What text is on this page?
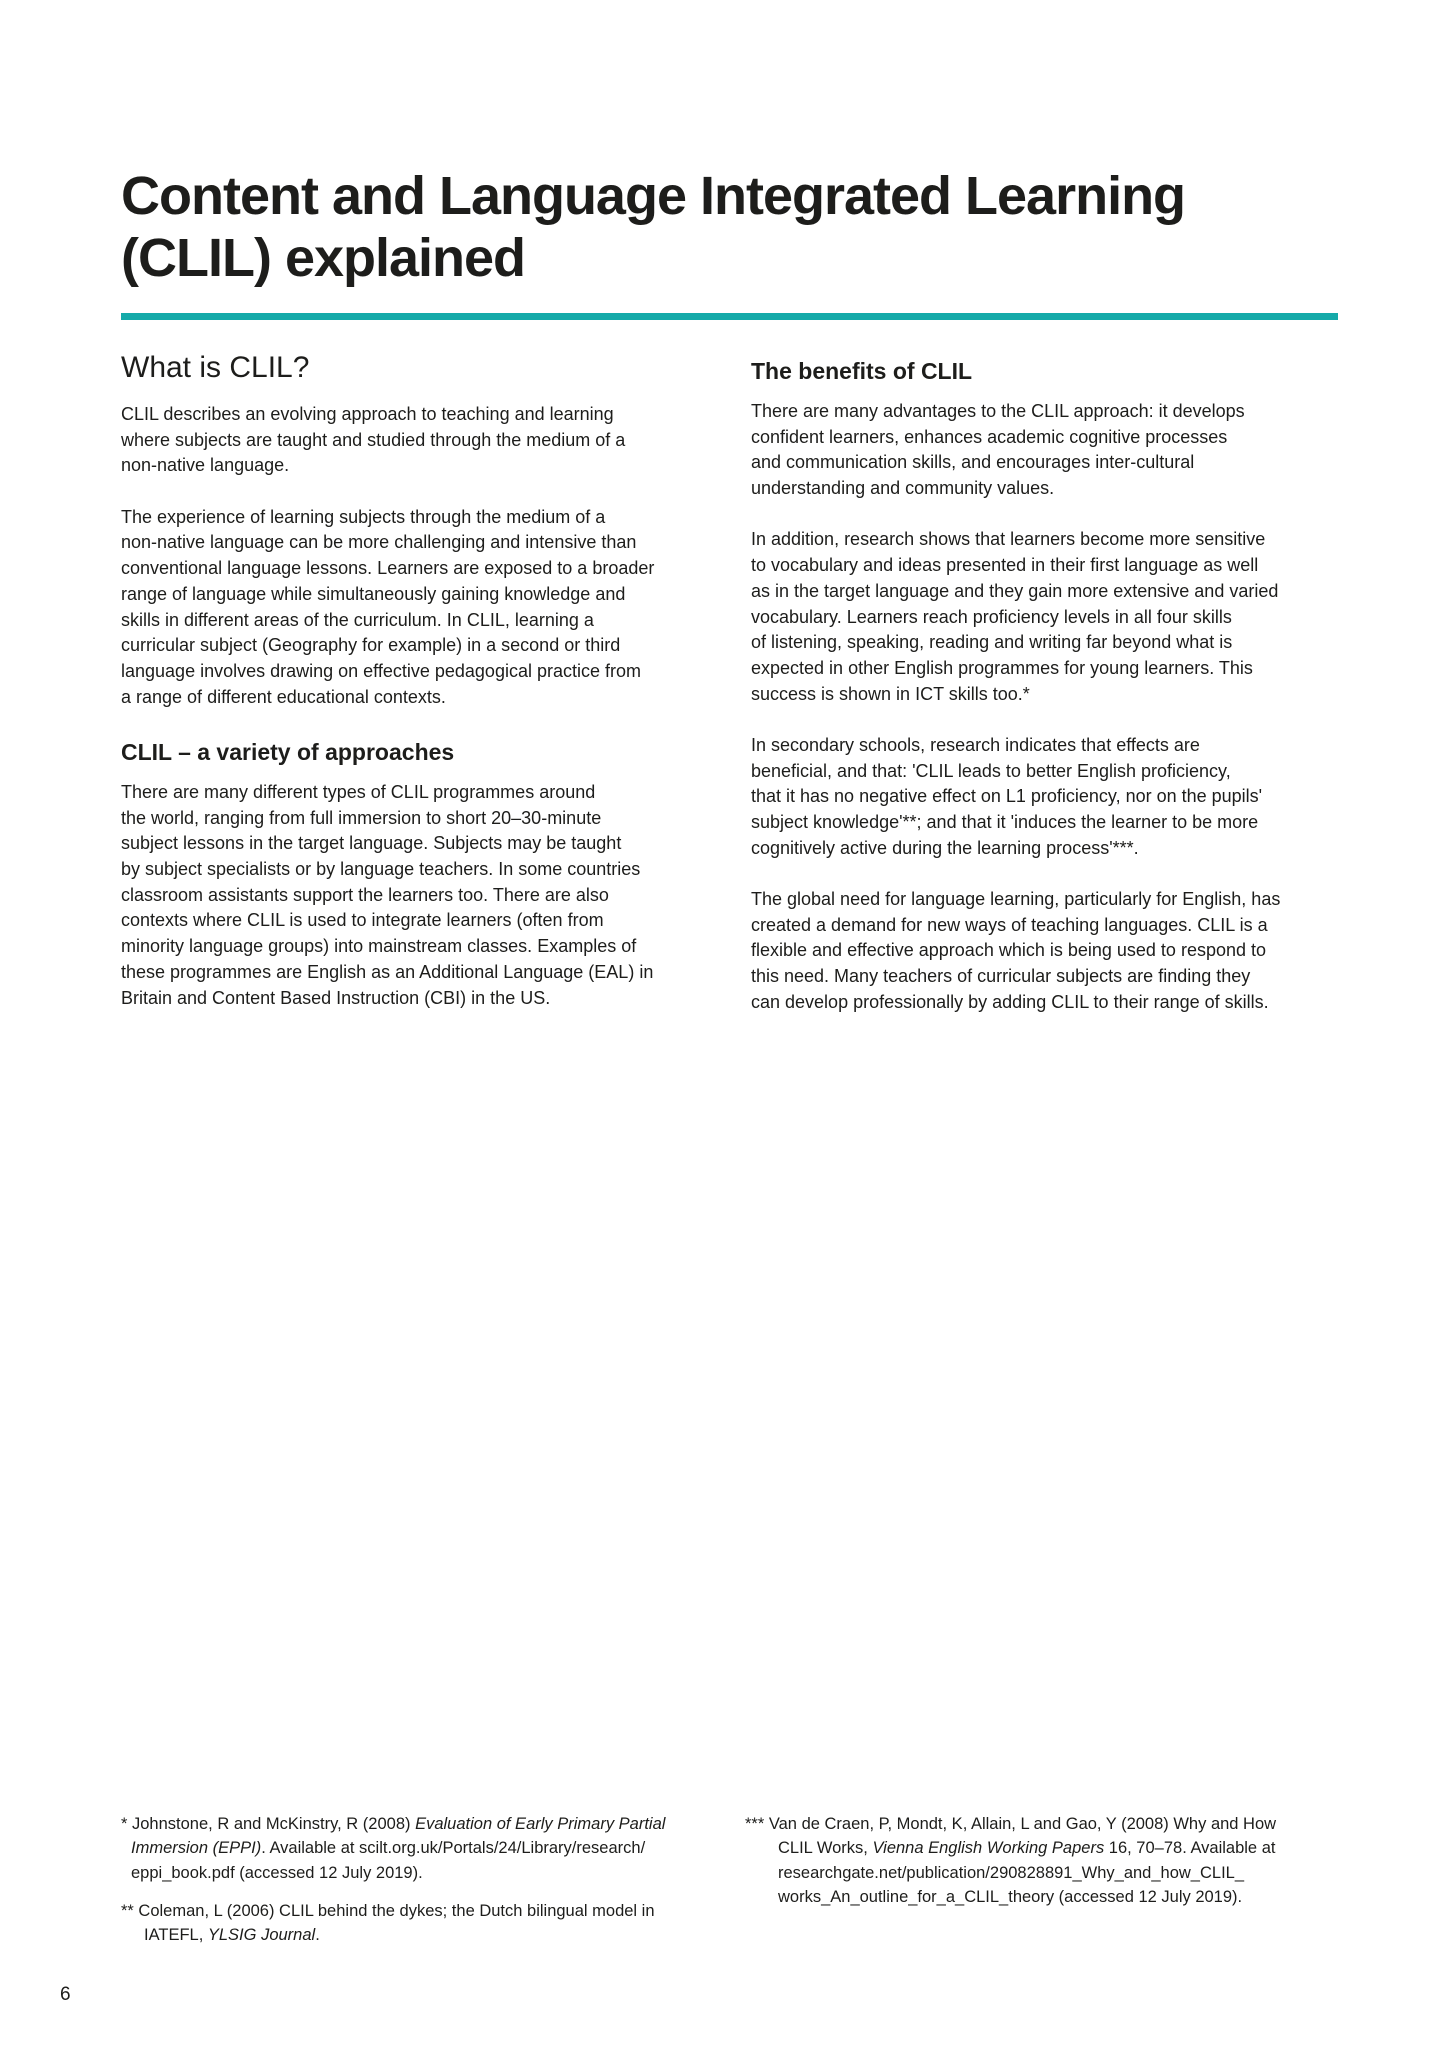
Content and Language Integrated Learning
(CLIL) explained
What is CLIL?

CLIL describes an evolving approach to teaching and learning
where subjects are taught and studied through the medium of a
non-native language.

The experience of learning subjects through the medium of a
non-native language can be more challenging and intensive than
conventional language lessons. Learners are exposed to a broader
range of language while simultaneously gaining knowledge and
skills in different areas of the curriculum. In CLIL, learning a
curricular subject (Geography for example) in a second or third
language involves drawing on effective pedagogical practice from
a range of different educational contexts.

CLIL – a variety of approaches

There are many different types of CLIL programmes around
the world, ranging from full immersion to short 20–30-minute
subject lessons in the target language. Subjects may be taught
by subject specialists or by language teachers. In some countries
classroom assistants support the learners too. There are also
contexts where CLIL is used to integrate learners (often from
minority language groups) into mainstream classes. Examples of
these programmes are English as an Additional Language (EAL) in
Britain and Content Based Instruction (CBI) in the US.

The benefits of CLIL

There are many advantages to the CLIL approach: it develops
confident learners, enhances academic cognitive processes
and communication skills, and encourages inter-cultural
understanding and community values.

In addition, research shows that learners become more sensitive
to vocabulary and ideas presented in their first language as well
as in the target language and they gain more extensive and varied
vocabulary. Learners reach proficiency levels in all four skills
of listening, speaking, reading and writing far beyond what is
expected in other English programmes for young learners. This
success is shown in ICT skills too.*

In secondary schools, research indicates that effects are
beneficial, and that: 'CLIL leads to better English proficiency,
that it has no negative effect on L1 proficiency, nor on the pupils'
subject knowledge'**; and that it 'induces the learner to be more
cognitively active during the learning process'***.

The global need for language learning, particularly for English, has
created a demand for new ways of teaching languages. CLIL is a
flexible and effective approach which is being used to respond to
this need. Many teachers of curricular subjects are finding they
can develop professionally by adding CLIL to their range of skills.

* Johnstone, R and McKinstry, R (2008) Evaluation of Early Primary Partial
Immersion (EPPI). Available at scilt.org.uk/Portals/24/Library/research/
eppi_book.pdf (accessed 12 July 2019).
** Coleman, L (2006) CLIL behind the dykes; the Dutch bilingual model in
IATEFL, YLSIG Journal.
*** Van de Craen, P, Mondt, K, Allain, L and Gao, Y (2008) Why and How
CLIL Works, Vienna English Working Papers 16, 70–78. Available at
researchgate.net/publication/290828891_Why_and_how_CLIL_
works_An_outline_for_a_CLIL_theory (accessed 12 July 2019).
6
